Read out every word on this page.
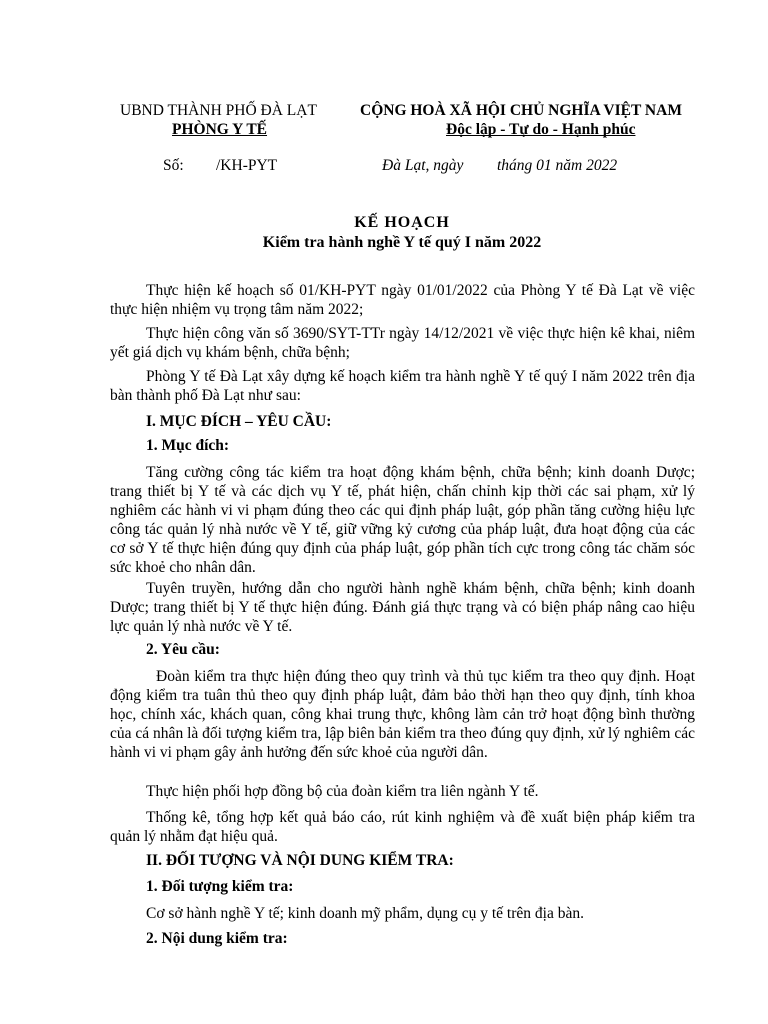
UBND THÀNH PHỐ ĐÀ LẠT
PHÒNG Y TẾ
CỘNG HOÀ XÃ HỘI CHỦ NGHĨA VIỆT NAM
Độc lập - Tự do - Hạnh phúc
Số: /KH-PYT	Đà Lạt, ngày tháng 01 năm 2022
KẾ HOẠCH
Kiểm tra hành nghề Y tế quý I năm 2022

Thực hiện kế hoạch số 01/KH-PYT ngày 01/01/2022 của Phòng Y tế Đà Lạt về việc thực hiện nhiệm vụ trọng tâm năm 2022;

Thực hiện công văn số 3690/SYT-TTr ngày 14/12/2021 về việc thực hiện kê khai, niêm yết giá dịch vụ khám bệnh, chữa bệnh;

Phòng Y tế Đà Lạt xây dựng kế hoạch kiểm tra hành nghề Y tế quý I năm 2022 trên địa bàn thành phố Đà Lạt như sau:

I. MỤC ĐÍCH – YÊU CẦU:

1. Mục đích:

Tăng cường công tác kiểm tra hoạt động khám bệnh, chữa bệnh; kinh doanh Dược; trang thiết bị Y tế và các dịch vụ Y tế, phát hiện, chấn chỉnh kịp thời các sai phạm, xử lý nghiêm các hành vi vi phạm đúng theo các qui định pháp luật, góp phần tăng cường hiệu lực công tác quản lý nhà nước về Y tế, giữ vững kỷ cương của pháp luật, đưa hoạt động của các cơ sở Y tế thực hiện đúng quy định của pháp luật, góp phần tích cực trong công tác chăm sóc sức khoẻ cho nhân dân.

Tuyên truyền, hướng dẫn cho người hành nghề khám bệnh, chữa bệnh; kinh doanh Dược; trang thiết bị Y tế thực hiện đúng. Đánh giá thực trạng và có biện pháp nâng cao hiệu lực quản lý nhà nước về Y tế.

2. Yêu cầu:

Đoàn kiểm tra thực hiện đúng theo quy trình và thủ tục kiểm tra theo quy định. Hoạt động kiểm tra tuân thủ theo quy định pháp luật, đảm bảo thời hạn theo quy định, tính khoa học, chính xác, khách quan, công khai trung thực, không làm cản trở hoạt động bình thường của cá nhân là đối tượng kiểm tra, lập biên bản kiểm tra theo đúng quy định, xử lý nghiêm các hành vi vi phạm gây ảnh hưởng đến sức khoẻ của người dân.

Thực hiện phối hợp đồng bộ của đoàn kiểm tra liên ngành Y tế.

Thống kê, tổng hợp kết quả báo cáo, rút kinh nghiệm và đề xuất biện pháp kiểm tra quản lý nhằm đạt hiệu quả.

II. ĐỐI TƯỢNG VÀ NỘI DUNG KIỂM TRA:

1. Đối tượng kiểm tra:

Cơ sở hành nghề Y tế; kinh doanh mỹ phẩm, dụng cụ y tế trên địa bàn.

2. Nội dung kiểm tra:
